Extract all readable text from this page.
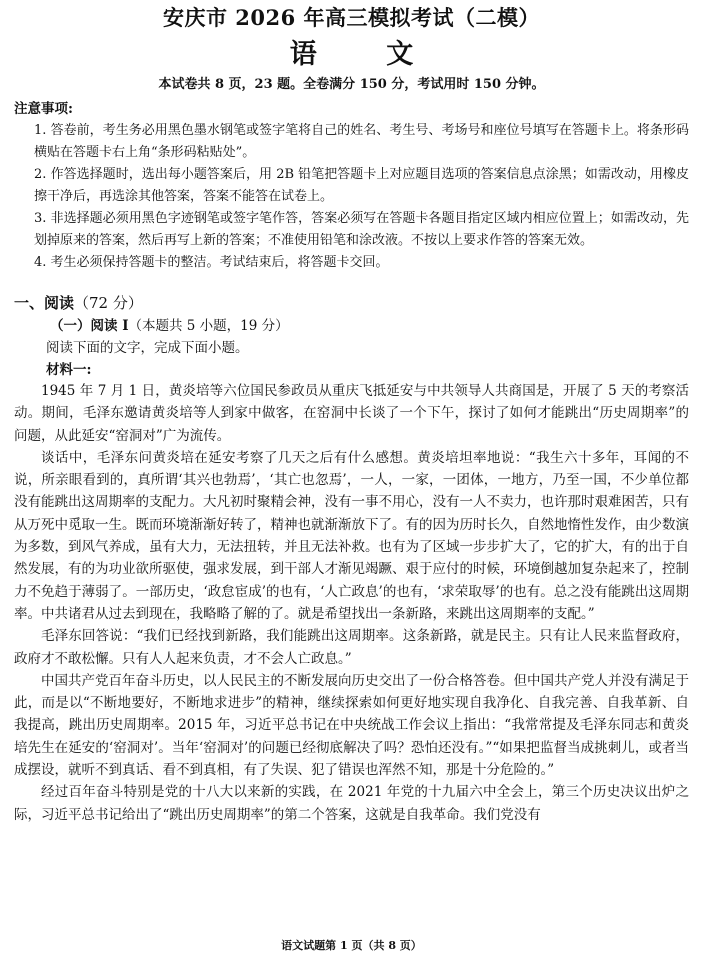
安庆市 2026 年高三模拟考试（二模）
语 文
本试卷共 8 页，23 题。全卷满分 150 分，考试用时 150 分钟。
注意事项:

1. 答卷前，考生务必用黑色墨水钢笔或签字笔将自己的姓名、考生号、考场号和座位号填写在答题卡上。将条形码横贴在答题卡右上角“条形码粘贴处”。

2. 作答选择题时，选出每小题答案后，用 2B 铅笔把答题卡上对应题目选项的答案信息点涂黑；如需改动，用橡皮擦干净后，再选涂其他答案，答案不能答在试卷上。

3. 非选择题必须用黑色字迹钢笔或签字笔作答，答案必须写在答题卡各题目指定区域内相应位置上；如需改动，先划掉原来的答案，然后再写上新的答案；不准使用铅笔和涂改液。不按以上要求作答的答案无效。

4. 考生必须保持答题卡的整洁。考试结束后，将答题卡交回。

一、阅读（72 分）
（一）阅读 I（本题共 5 小题，19 分）
阅读下面的文字，完成下面小题。
材料一:

1945 年 7 月 1 日，黄炎培等六位国民参政员从重庆飞抵延安与中共领导人共商国是，开展了 5 天的考察活动。期间，毛泽东邀请黄炎培等人到家中做客，在窑洞中长谈了一个下午，探讨了如何才能跳出“历史周期率”的问题，从此延安“窑洞对”广为流传。

谈话中，毛泽东问黄炎培在延安考察了几天之后有什么感想。黄炎培坦率地说：“我生六十多年，耳闻的不说，所亲眼看到的，真所谓‘其兴也勃焉’，‘其亡也忽焉’，一人，一家，一团体，一地方，乃至一国，不少单位都没有能跳出这周期率的支配力。大凡初时聚精会神，没有一事不用心，没有一人不卖力，也许那时艰难困苦，只有从万死中觅取一生。既而环境渐渐好转了，精神也就渐渐放下了。有的因为历时长久，自然地惰性发作，由少数演为多数，到风气养成，虽有大力，无法扭转，并且无法补救。也有为了区域一步步扩大了，它的扩大，有的出于自然发展，有的为功业欲所驱使，强求发展，到干部人才渐见竭蹶、艰于应付的时候，环境倒越加复杂起来了，控制力不免趋于薄弱了。一部历史，‘政怠宦成’的也有，‘人亡政息’的也有，‘求荣取辱’的也有。总之没有能跳出这周期率。中共诸君从过去到现在，我略略了解的了。就是希望找出一条新路，来跳出这周期率的支配。”

毛泽东回答说：“我们已经找到新路，我们能跳出这周期率。这条新路，就是民主。只有让人民来监督政府，政府才不敢松懈。只有人人起来负责，才不会人亡政息。”

中国共产党百年奋斗历史，以人民民主的不断发展向历史交出了一份合格答卷。但中国共产党人并没有满足于此，而是以“不断地要好，不断地求进步”的精神，继续探索如何更好地实现自我净化、自我完善、自我革新、自我提高，跳出历史周期率。2015 年，习近平总书记在中央统战工作会议上指出：“我常常提及毛泽东同志和黄炎培先生在延安的‘窑洞对’。当年‘窑洞对’的问题已经彻底解决了吗？恐怕还没有。”“如果把监督当成挑刺儿，或者当成摆设，就听不到真话、看不到真相，有了失误、犯了错误也浑然不知，那是十分危险的。”

经过百年奋斗特别是党的十八大以来新的实践，在 2021 年党的十九届六中全会上，第三个历史决议出炉之际，习近平总书记给出了“跳出历史周期率”的第二个答案，这就是自我革命。我们党没有

语文试题第 1 页（共 8 页）
